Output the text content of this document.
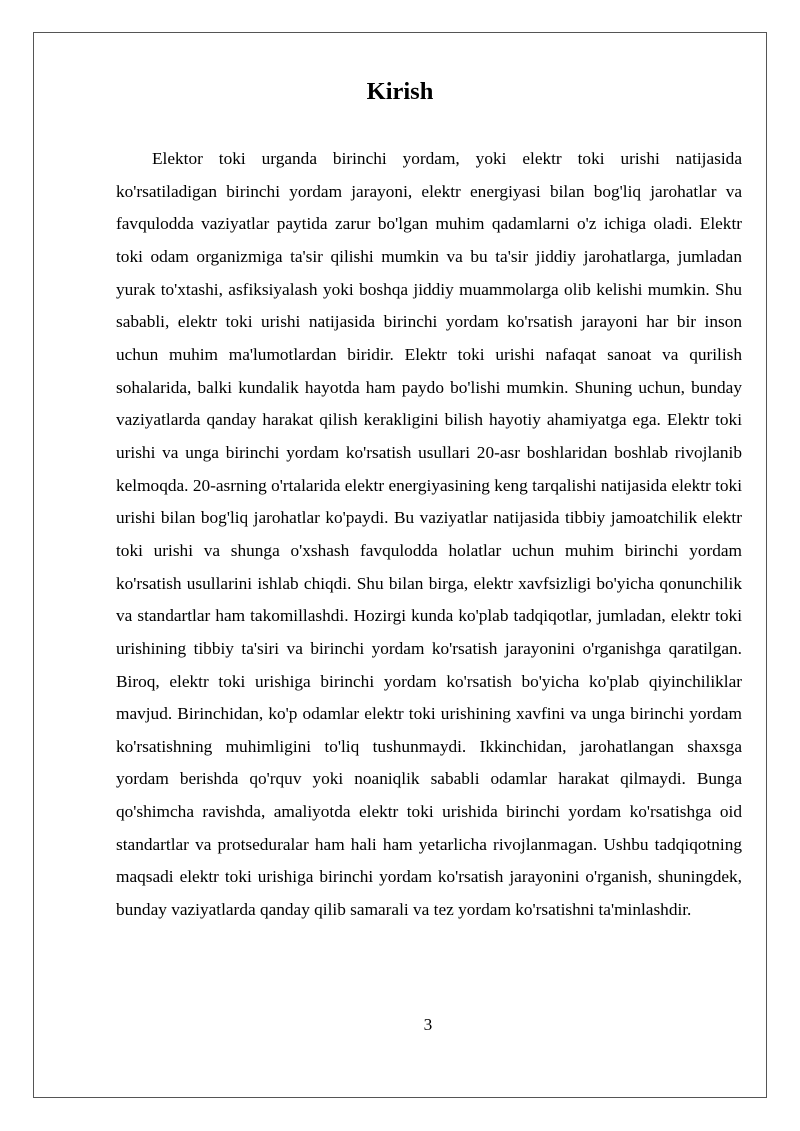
Kirish

Elektor toki urganda birinchi yordam, yoki elektr toki urishi natijasida ko'rsatiladigan birinchi yordam jarayoni, elektr energiyasi bilan bog'liq jarohatlar va favqulodda vaziyatlar paytida zarur bo'lgan muhim qadamlarni o'z ichiga oladi. Elektr toki odam organizmiga ta'sir qilishi mumkin va bu ta'sir jiddiy jarohatlarga, jumladan yurak to'xtashi, asfiksiyalash yoki boshqa jiddiy muammolarga olib kelishi mumkin. Shu sababli, elektr toki urishi natijasida birinchi yordam ko'rsatish jarayoni har bir inson uchun muhim ma'lumotlardan biridir. Elektr toki urishi nafaqat sanoat va qurilish sohalarida, balki kundalik hayotda ham paydo bo'lishi mumkin. Shuning uchun, bunday vaziyatlarda qanday harakat qilish kerakligini bilish hayotiy ahamiyatga ega. Elektr toki urishi va unga birinchi yordam ko'rsatish usullari 20-asr boshlaridan boshlab rivojlanib kelmoqda. 20-asrning o'rtalarida elektr energiyasining keng tarqalishi natijasida elektr toki urishi bilan bog'liq jarohatlar ko'paydi. Bu vaziyatlar natijasida tibbiy jamoatchilik elektr toki urishi va shunga o'xshash favqulodda holatlar uchun muhim birinchi yordam ko'rsatish usullarini ishlab chiqdi. Shu bilan birga, elektr xavfsizligi bo'yicha qonunchilik va standartlar ham takomillashdi. Hozirgi kunda ko'plab tadqiqotlar, jumladan, elektr toki urishining tibbiy ta'siri va birinchi yordam ko'rsatish jarayonini o'rganishga qaratilgan. Biroq, elektr toki urishiga birinchi yordam ko'rsatish bo'yicha ko'plab qiyinchiliklar mavjud. Birinchidan, ko'p odamlar elektr toki urishining xavfini va unga birinchi yordam ko'rsatishning muhimligini to'liq tushunmaydi. Ikkinchidan, jarohatlangan shaxsga yordam berishda qo'rquv yoki noaniqlik sababli odamlar harakat qilmaydi. Bunga qo'shimcha ravishda, amaliyotda elektr toki urishida birinchi yordam ko'rsatishga oid standartlar va protseduralar ham hali ham yetarlicha rivojlanmagan. Ushbu tadqiqotning maqsadi elektr toki urishiga birinchi yordam ko'rsatish jarayonini o'rganish, shuningdek, bunday vaziyatlarda qanday qilib samarali va tez yordam ko'rsatishni ta'minlashdir.

3
